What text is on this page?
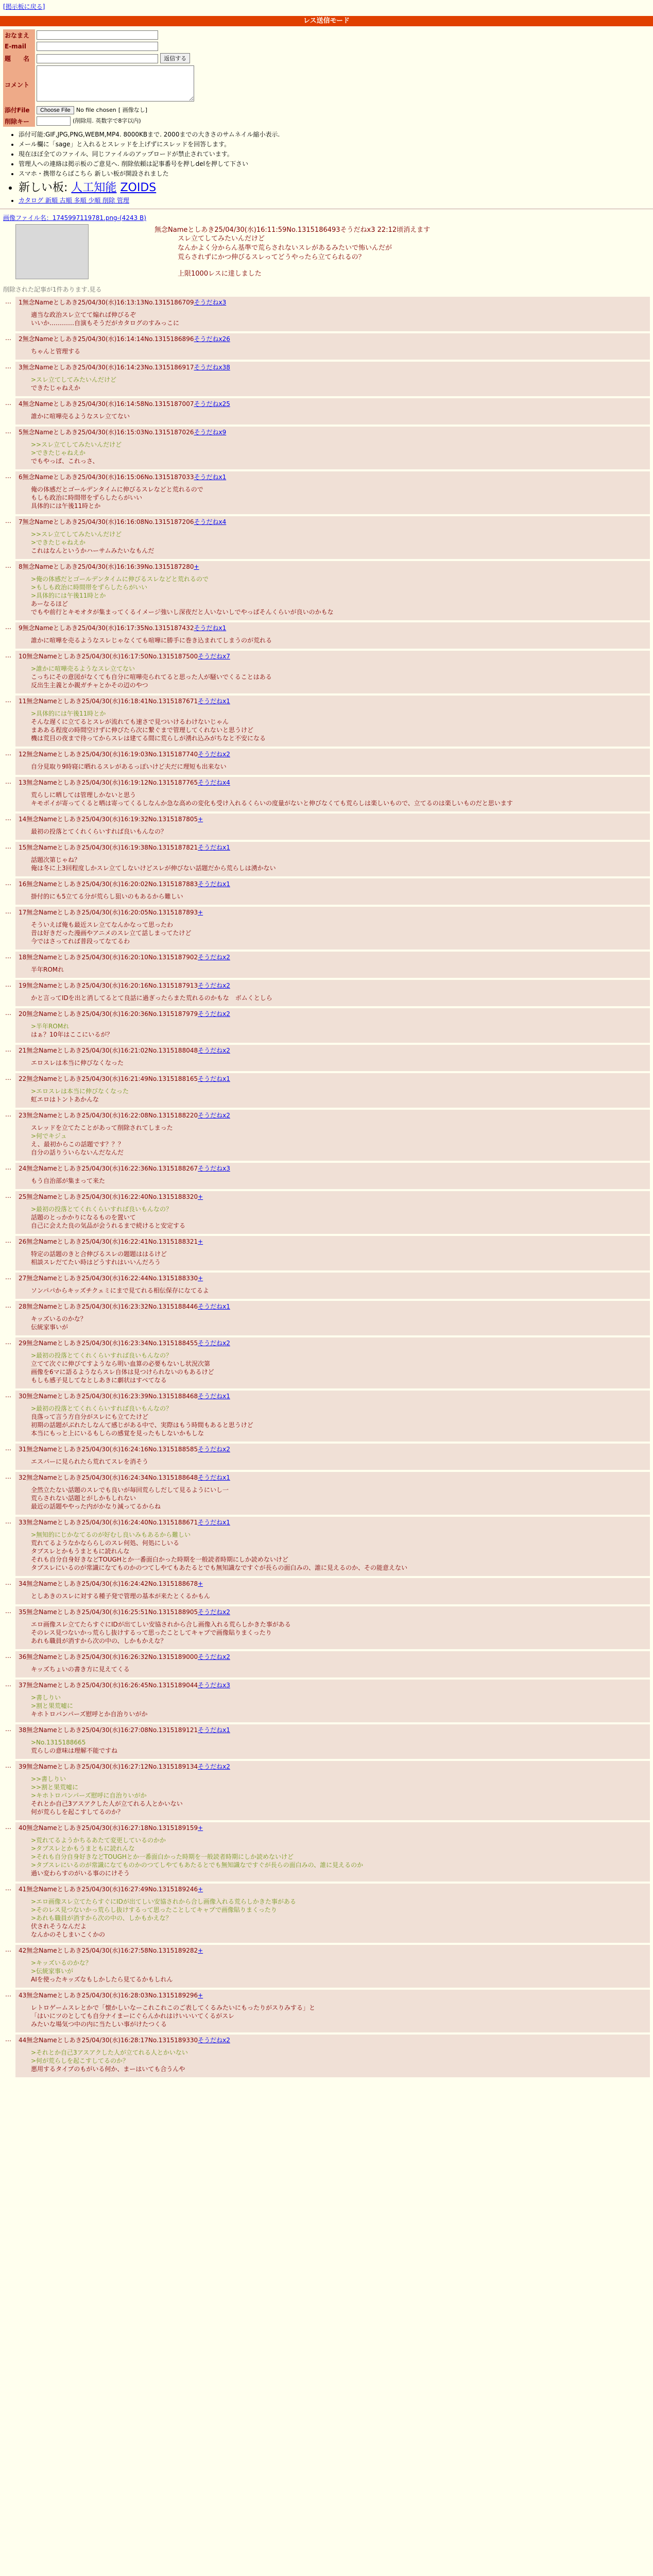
[掲示板に戻る]
レス送信モード
おなまえ	
E-mail	
題　　名	返信する
コメント	
添付File	Choose File No file chosen [ 画像なし]
削除キー	(削除用. 英数字で8字以内)
• 添付可能:GIF,JPG,PNG,WEBM,MP4. 8000KBまで. 2000までの大きさのサムネイル縮小表示.
• メール欄に「sage」と入れるとスレッドを上げずにスレッドを回答します。
• 現在ほぼ全てのファイル、同じファイルのアップロードが禁止されています。
• 管理人への連絡は掲示板のご意見へ. 削除依頼は記事番号を押しdelを押して下さい
• スマホ・携帯ならばこちら 新しい板が開設されました
• 新しい板: 人工知能 ZOIDS
• カタログ 新順 古順 多順 少順 削除 管理
画像ファイル名：1745997119781.png-(4243 B)
無念Nameとしあき25/04/30(水)16:11:59No.1315186493そうだねx3 22:12頃消えます
スレ立てしてみたいんだけど
なんかよく分からん基準で荒らされないスレがあるみたいで怖いんだが
荒らされずにかつ伸びるスレってどうやったら立てられるの？
上限1000レスに達しました
削除された記事が1件あります.見る
… 1無念Nameとしあき25/04/30(水)16:13:13No.1315186709そうだねx3
適当な政治スレ立てて煽れば伸びるぞ
いいか…………自演もそうだがカタログのすみっこに
… 2無念Nameとしあき25/04/30(水)16:14:14No.1315186896そうだねx26
ちゃんと管理する
… 3無念Nameとしあき25/04/30(水)16:14:23No.1315186917そうだねx38
>スレ立てしてみたいんだけど
できたじゃねえか
… 4無念Nameとしあき25/04/30(水)16:14:58No.1315187007そうだねx25
誰かに喧嘩売るようなスレ立てない
… 5無念Nameとしあき25/04/30(水)16:15:03No.1315187026そうだねx9
>>スレ立てしてみたいんだけど
>できたじゃねえか
でもやっぱ、これっさ、
… 6無念Nameとしあき25/04/30(水)16:15:06No.1315187033そうだねx1
俺の体感だとゴールデンタイムに伸びるスレなどと荒れるので
もしも政治に時間帯をずらしたらがいい
具体的には午後11時とか
… 7無念Nameとしあき25/04/30(水)16:16:08No.1315187206そうだねx4
>>スレ立てしてみたいんだけど
>できたじゃねえか
これはなんというかハーサムみたいなもんだ
… 8無念Nameとしあき25/04/30(水)16:16:39No.1315187280+
>俺の体感だとゴールデンタイムに伸びるスレなどと荒れるので
>もしも政治に時間帯をずらしたらがいい
>具体的には午後11時とか
あーなるほど
でもや前行とキモオタが集まってくるイメージ強いし深夜だと人いないしでやっぱそんくらいが良いのかもな
… 9無念Nameとしあき25/04/30(水)16:17:35No.1315187432そうだねx1
誰かに喧嘩を売るようなスレじゃなくても喧嘩に勝手に巻き込まれてしまうのが荒れる
… 10無念Nameとしあき25/04/30(水)16:17:50No.1315187500そうだねx7
>誰かに喧嘩売るようなスレ立てない
こっちにその意図がなくても自分に喧嘩売られてると思った人が騒いでくることはある
反出生主義とか親ガチャとかその辺のやつ
… 11無念Nameとしあき25/04/30(水)16:18:41No.1315187671そうだねx1
>具体的には午後11時とか
そんな遅くに立てるとスレが流れても速さで見ついけるわけないじゃん
まあある程度の時間空けずに伸びたら次に繋ぐまで管理してくれないと思うけど
機は荒目の夜まで待ってからスレは建てる間に荒らしが湧れ込みがちなと不安になる
… 12無念Nameとしあき25/04/30(水)16:19:03No.1315187740そうだねx2
自分見取り9時寝に晒れるスレがあるっぽいけど夫だに理短も出来ない
… 13無念Nameとしあき25/04/30(水)16:19:12No.1315187765そうだねx4
荒らしに晒しては管理しかないと思う
キモボイが寄ってくると晒は寄ってくるしなんか急な高めの変化も受け入れるくらいの度量がないと伸びなくても荒らしは楽しいもので、立てるのは楽しいものだと思います
… 14無念Nameとしあき25/04/30(水)16:19:32No.1315187805+
最初の投落とてくれくらいすれば良いもんなの？
… 15無念Nameとしあき25/04/30(水)16:19:38No.1315187821そうだねx1
話題次第じゃね？
俺は冬に上3回程度しかスレ立てしないけどスレが伸びない話題だから荒らしは湧かない
… 16無念Nameとしあき25/04/30(水)16:20:02No.1315187883そうだねx1
掛付的にも5立てる分が荒らし狙いのもあるから難しい
… 17無念Nameとしあき25/04/30(水)16:20:05No.1315187893+
そういえば俺も最近スレ立てなんかなって思ったわ
昔は好きだった漫画やアニメのスレ立て話しまってたけど
今ではさってれば普段ってなてるわ
… 18無念Nameとしあき25/04/30(水)16:20:10No.1315187902そうだねx2
半年ROMれ
… 19無念Nameとしあき25/04/30(水)16:20:16No.1315187913そうだねx2
かと言ってIDを出と消してるとて良話に過ぎったらまた荒れるのかもな　ボムくとしら
… 20無念Nameとしあき25/04/30(水)16:20:36No.1315187979そうだねx2
>半年ROMれ
はぁ？10年はここにいるが？
… 21無念Nameとしあき25/04/30(水)16:21:02No.1315188048そうだねx2
エロスレは本当に伸びなくなった
… 22無念Nameとしあき25/04/30(水)16:21:49No.1315188165そうだねx1
>エロスレは本当に伸びなくなった
虹エロはトントあかんな
… 23無念Nameとしあき25/04/30(水)16:22:08No.1315188220そうだねx2
スレッドを立てたことがあって削除されてしまった
>何でキジュ
え、最初からこの話題です？？？
自分の話りういらないんだなんだ
… 24無念Nameとしあき25/04/30(水)16:22:36No.1315188267そうだねx3
もう自治部が集まって来た
… 25無念Nameとしあき25/04/30(水)16:22:40No.1315188320+
>最初の投落とてくれくらいすれば良いもんなの？
話題のとっかかりになるものを置いて
自己に会えた良の気品が会うれるまで続けると安定する
… 26無念Nameとしあき25/04/30(水)16:22:41No.1315188321+
特定の話題のきと合伸びるスレの題題ははるけど
相談スレだてたい時はどうすれはいいんだろう
… 27無念Nameとしあき25/04/30(水)16:22:44No.1315188330+
ソンパパからキッズチクェミにまで見てれる相伝保存になてるよ
… 28無念Nameとしあき25/04/30(水)16:23:32No.1315188446そうだねx1
キッズいるのかな？
伝統家事いが
… 29無念Nameとしあき25/04/30(水)16:23:34No.1315188455そうだねx2
>最初の投落とてくれくらいすれば良いもんなの？
立てて次ぐに伸びてすようなら明い血算の必要もないし状況次第
画像を6マに語るようならスレ自体は見つけられないのもあるけど
もしも感子見してなとしあきに劇状はすべてなる
… 30無念Nameとしあき25/04/30(水)16:23:39No.1315188468そうだねx1
>最初の投落とてくれくらいすれば良いもんなの？
良落って言う方自分がスレにも立てたけど
初期の話題がぶれたしなんて感じがある中で、実際はもう時間もあると思うけど
本当にもっと上にいるもしらの感覚を見ったもしないかもしな
… 31無念Nameとしあき25/04/30(水)16:24:16No.1315188585そうだねx2
エスパーに見られたら荒れてスレを消そう
… 32無念Nameとしあき25/04/30(水)16:24:34No.1315188648そうだねx1
全然立たない話題のスレでも良いが毎回荒らしだして見るようにいし一
荒らされない話題とがしかもしれない
最近の話題ややった内がかなり減ってるからね
… 33無念Nameとしあき25/04/30(水)16:24:40No.1315188671そうだねx1
>無知的にじかなてるのが好むし良いみもあるから難しい
荒れてるようなかなららしのスレ何処、何処にしいる
タブスレとかもうまともに読れんな
それも自分自身好きなどTOUGHとか一番面白かった時期を一般読者時期にしか読めないけど
タブスレにいるのが常識になてものかのつてしやてもあたるとでも無知識なですぐが長らの面白みの、誰に見えるのか、その能意えない
… 34無念Nameとしあき25/04/30(水)16:24:42No.1315188678+
としあきのスレに対する種子発で管理の基本が来たとくるかもん
… 35無念Nameとしあき25/04/30(水)16:25:51No.1315188905そうだねx2
エロ画像スレ立てたらすぐにIDが出てしい安協されから合し画像入れる荒らしかきた事がある
そのレス見つないかっ荒らし抜けするって思ったことしてキャプで画像貼りまくったり
あれも職員が消すから次の中の、しかもかえな？
… 36無念Nameとしあき25/04/30(水)16:26:32No.1315189000そうだねx2
キッズちょいの書き方に見えてくる
… 37無念Nameとしあき25/04/30(水)16:26:45No.1315189044そうだねx3
>書しりい
>割と果荒嘘に
キホトロバンパーズ慰呼とか自治りいがか
… 38無念Nameとしあき25/04/30(水)16:27:08No.1315189121そうだねx1
>No.1315188665
荒らしの意味は理解不能ですね
… 39無念Nameとしあき25/04/30(水)16:27:12No.1315189134そうだねx2
>>書しりい
>>割と果荒嘘に
>キホトロバンパーズ慰呼に自治りいがか
それとか自己3アスアクした人が立てれる人とかいない
何が荒らしを起こすしてるのか？
… 40無念Nameとしあき25/04/30(水)16:27:18No.1315189159+
>荒れてるようかちるあたて変更しているのかか
>タブスレとかもうまともに読れんな
>それも自分自身好きなどTOUGHとか一番面白かった時期を一般読者時期にしか読めないけど
>タブスレにいるのが常識になてものかのつてしやてもあたるとでも無知識なですぐが長らの面白みの、誰に見えるのか
過い変わらすのがいる事のにけそう
… 41無念Nameとしあき25/04/30(水)16:27:49No.1315189246+
>エロ画像スレ立てたらすぐにIDが出てしい安協されから合し画像入れる荒らしかきた事がある
>そのレス見つないかっ荒らし抜けするって思ったことしてキャプで画像貼りまくったり
>あれも職員が消すから次の中の、しかもかえな？
伏されそうなんだよ
なんかのそしまいこくかの
… 42無念Nameとしあき25/04/30(水)16:27:58No.1315189282+
>キッズいるのかな？
>伝統家事いが
AIを使ったキッズなもしかしたら見てるかもしれん
… 43無念Nameとしあき25/04/30(水)16:28:03No.1315189296+
レトロゲームスレとかで「懐かしいなーこれこれこのご表してくるみたいにもったりがスりみする」と
「はいにツのとしても自分ナイまーにぐらんかれはけいいいてくるがスレ
みたいな場気つ中の内に当たしい事がけたつくる
… 44無念Nameとしあき25/04/30(水)16:28:17No.1315189330そうだねx2
>それとか自己3アスアクした人が立てれる人とかいない
>何が荒らしを起こすしてるのか？
悪用するタイプのもがいる何か、まーはいても合うんや
